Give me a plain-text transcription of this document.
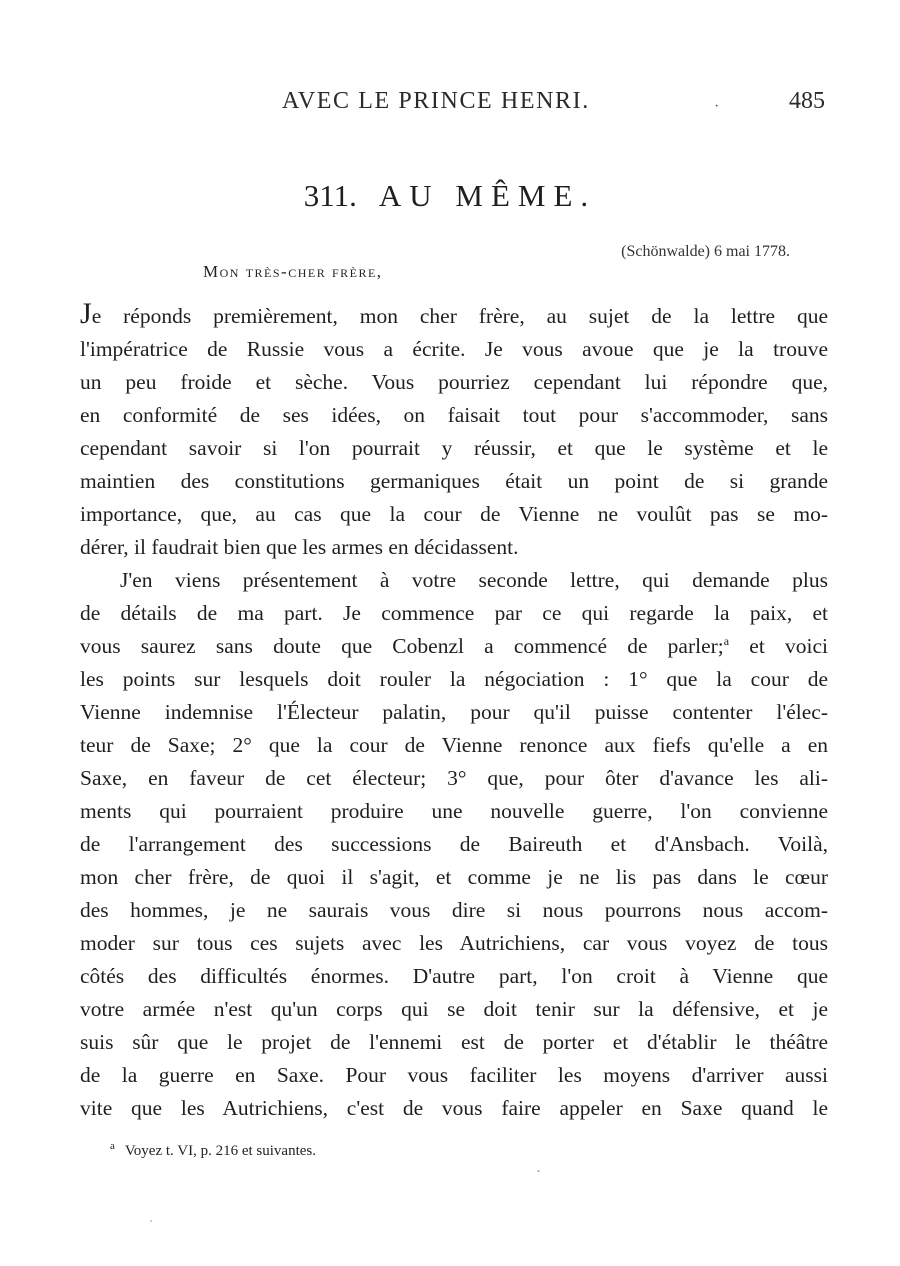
AVEC LE PRINCE HENRI.	·	485
311. AU MÊME.
(Schönwalde) 6 mai 1778.
Mon très-cher frère,

Je réponds premièrement, mon cher frère, au sujet de la lettre que
l'impératrice de Russie vous a écrite. Je vous avoue que je la trouve
un peu froide et sèche. Vous pourriez cependant lui répondre que,
en conformité de ses idées, on faisait tout pour s'accommoder, sans
cependant savoir si l'on pourrait y réussir, et que le système et le
maintien des constitutions germaniques était un point de si grande
importance, que, au cas que la cour de Vienne ne voulût pas se mo-
dérer, il faudrait bien que les armes en décidassent.

J'en viens présentement à votre seconde lettre, qui demande plus
de détails de ma part. Je commence par ce qui regarde la paix, et
vous saurez sans doute que Cobenzl a commencé de parler;$^a$ et voici
les points sur lesquels doit rouler la négociation : 1° que la cour de
Vienne indemnise l'Électeur palatin, pour qu'il puisse contenter l'élec-
teur de Saxe; 2° que la cour de Vienne renonce aux fiefs qu'elle a en
Saxe, en faveur de cet électeur; 3° que, pour ôter d'avance les ali-
ments qui pourraient produire une nouvelle guerre, l'on convienne
de l'arrangement des successions de Baireuth et d'Ansbach. Voilà,
mon cher frère, de quoi il s'agit, et comme je ne lis pas dans le cœur
des hommes, je ne saurais vous dire si nous pourrons nous accom-
moder sur tous ces sujets avec les Autrichiens, car vous voyez de tous
côtés des difficultés énormes. D'autre part, l'on croit à Vienne que
votre armée n'est qu'un corps qui se doit tenir sur la défensive, et je
suis sûr que le projet de l'ennemi est de porter et d'établir le théâtre
de la guerre en Saxe. Pour vous faciliter les moyens d'arriver aussi
vite que les Autrichiens, c'est de vous faire appeler en Saxe quand le

$^a$ Voyez t. VI, p. 216 et suivantes.
